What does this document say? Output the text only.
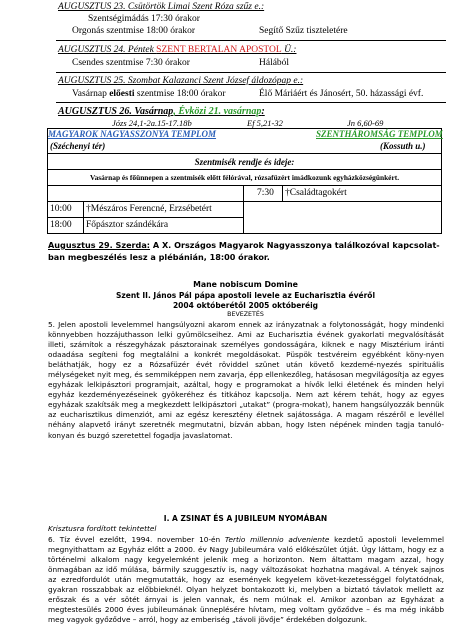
AUGUSZTUS 23. Csütörtök Limai Szent Róza szűz e.:
Szentségimádás 17:30 órakor
Orgonás szentmise 18:00 órakor	Segítő Szűz tiszteletére
AUGUSZTUS 24. Péntek SZENT BERTALAN APOSTOL Ü.:
Csendes szentmise 7:30 órakor	Hálából
AUGUSZTUS 25. Szombat Kalazanci Szent József áldozópap e.:
Vasárnap előesti szentmise 18:00 órakor	Élő Máriáért és Jánosért, 50. házassági évf.
AUGUSZTUS 26. Vasárnap, Évközi 21. vasárnap:
Józs 24,1-2a.15-17.18b	Ef 5,21-32	Jn 6,60-69
MAGYAROK NAGYASSZONYA TEMPLOM	SZENTHÁROMSÁG TEMPLOM
(Széchenyi tér)	(Kossuth u.)
Szentmisék rendje és ideje:
Vasárnap és főünnepen a szentmisék előtt félórával, rózsafüzért imádkozunk egyházközségünkért.
7:30 †Családtagokért
10:00 †Mészáros Ferencné, Erzsébetért
18:00 Főpásztor szándékára
Augusztus 29. Szerda: A X. Országos Magyarok Nagyasszonya találkozóval kapcsolat-
ban megbeszélés lesz a plébánián, 18:00 órakor.
Mane nobiscum Domine
Szent II. János Pál pápa apostoli levele az Eucharisztia évéről
2004 októberétől 2005 októberéig
BEVEZETÉS
5. Jelen apostoli levelemmel hangsúlyozni akarom ennek az irányzatnak a folytonosságát, hogy mindenki könnyebben hozzájuthasson lelki gyümölcseihez. Ami az Eucharisztia évének gyakorlati megvalósítását illeti, számítok a részegyházak pásztorainak személyes gondosságára, kiknek e nagy Misztérium iránti odaadása segíteni fog megtalálni a konkrét megoldásokat. Püspök testvéreim egyébként köny-nyen beláthatják, hogy ez a Rózsafüzér évét röviddel szünet után követő kezdemé-nyezés spirituális mélységeket nyit meg, és semmiképpen nem zavarja, épp ellenkezőleg, hatásosan megvilágosítja az egyes egyházak lelkipásztori programjait, azáltal, hogy e programokat a hívők lelki életének és minden helyi egyház kezdeményezéseinek gyökeréhez és titkához kapcsolja. Nem azt kérem tehát, hogy az egyes egyházak szakítsák meg a megkezdett lelkipásztori „utakat” (progra-mokat), hanem hangsúlyozzák bennük az eucharisztikus dimenziót, ami az egész keresztény életnek sajátossága. A magam részéről e levéllel néhány alapvető irányt szeretnék megmutatni, bízván abban, hogy Isten népének minden tagja tanuló-konyan és buzgó szeretettel fogadja javaslatomat.
I. A ZSINAT ÉS A JUBILEUM NYOMÁBAN
Krisztusra fordított tekintettel
6. Tíz évvel ezelőtt, 1994. november 10-én Tertio millennio adveniente kezdetű apostoli levelemmel megnyithattam az Egyház előtt a 2000. év Nagy Jubileumára való előkészület útját. Úgy láttam, hogy ez a történelmi alkalom nagy kegyelemként jelenik meg a horizonton. Nem áltattam magam azzal, hogy önmagában az idő múlása, bármily szuggesztív is, nagy változásokat hozhatna magával. A tények sajnos az ezredfordulót után megmutatták, hogy az események kegyelem követ-kezetességgel folytatódnak, gyakran rosszabbak az előbbieknél. Olyan helyzet bontakozott ki, melyben a biztató távlatok mellett az erőszak és a vér sötét árnyai is jelen vannak, és nem múlnak el. Amikor azonban az Egyházat a megtestesülés 2000 éves jubileumának ünneplésére hívtam, meg voltam győződve – és ma még inkább meg vagyok győződve – arról, hogy az emberiség „távoli jövője” érdekében dolgozunk.
